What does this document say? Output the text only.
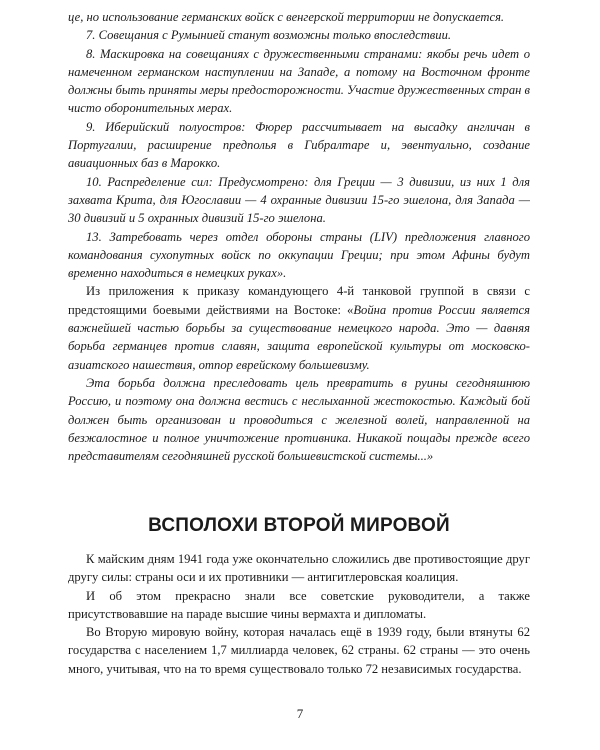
це, но использование германских войск с венгерской территории не допускается.

7. Совещания с Румынией станут возможны только впоследствии.

8. Маскировка на совещаниях с дружественными странами: якобы речь идет о намеченном германском наступлении на Западе, а потому на Восточном фронте должны быть приняты меры предосторожности. Участие дружественных стран в чисто оборонительных мерах.

9. Иберийский полуостров: Фюрер рассчитывает на высадку англичан в Португалии, расширение предполья в Гибралтаре и, эвентуально, создание авиационных баз в Марокко.

10. Распределение сил: Предусмотрено: для Греции — 3 дивизии, из них 1 для захвата Крита, для Югославии — 4 охранные дивизии 15-го эшелона, для Запада — 30 дивизий и 5 охранных дивизий 15-го эшелона.

13. Затребовать через отдел обороны страны (LIV) предложения главного командования сухопутных войск по оккупации Греции; при этом Афины будут временно находиться в немецких руках».

Из приложения к приказу командующего 4-й танковой группой в связи с предстоящими боевыми действиями на Востоке: «Война против России является важнейшей частью борьбы за существование немецкого народа. Это — давняя борьба германцев против славян, защита европейской культуры от московско-азиатского нашествия, отпор еврейскому большевизму.

Эта борьба должна преследовать цель превратить в руины сегодняшнюю Россию, и поэтому она должна вестись с неслыханной жестокостью. Каждый бой должен быть организован и проводиться с железной волей, направленной на безжалостное и полное уничтожение противника. Никакой пощады прежде всего представителям сегодняшней русской большевистской системы...»

ВСПОЛОХИ ВТОРОЙ МИРОВОЙ

К майским дням 1941 года уже окончательно сложились две противостоящие друг другу силы: страны оси и их противники — антигитлеровская коалиция.

И об этом прекрасно знали все советские руководители, а также присутствовавшие на параде высшие чины вермахта и дипломаты.

Во Вторую мировую войну, которая началась ещё в 1939 году, были втянуты 62 государства с населением 1,7 миллиарда человек, 62 страны. 62 страны — это очень много, учитывая, что на то время существовало только 72 независимых государства.

7
